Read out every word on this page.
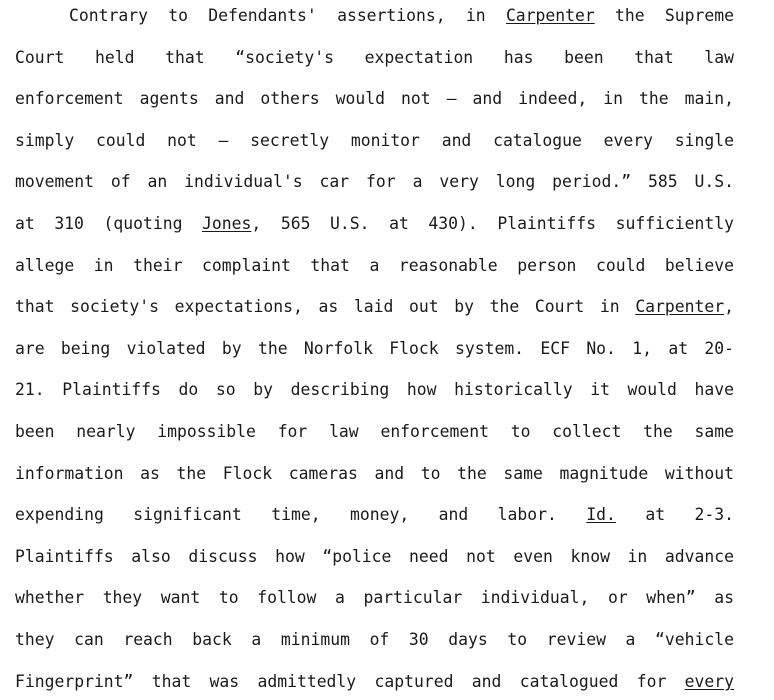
Contrary to Defendants' assertions, in Carpenter the Supreme
Court held that “society's expectation has been that law
enforcement agents and others would not — and indeed, in the main,
simply could not — secretly monitor and catalogue every single
movement of an individual's car for a very long period.” 585 U.S.
at 310 (quoting Jones, 565 U.S. at 430). Plaintiffs sufficiently
allege in their complaint that a reasonable person could believe
that society's expectations, as laid out by the Court in Carpenter,
are being violated by the Norfolk Flock system. ECF No. 1, at 20-
21. Plaintiffs do so by describing how historically it would have
been nearly impossible for law enforcement to collect the same
information as the Flock cameras and to the same magnitude without
expending significant time, money, and labor. Id. at 2-3.
Plaintiffs also discuss how “police need not even know in advance
whether they want to follow a particular individual, or when” as
they can reach back a minimum of 30 days to review a “vehicle
Fingerprint” that was admittedly captured and catalogued for every
